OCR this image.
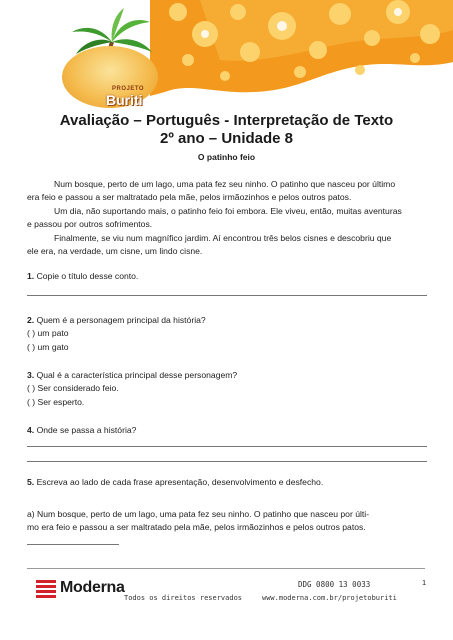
PROJETO
Buriti
Avaliação – Português - Interpretação de Texto
2º ano – Unidade 8
O patinho feio
Num bosque, perto de um lago, uma pata fez seu ninho. O patinho que nasceu por último
era feio e passou a ser maltratado pela mãe, pelos irmãozinhos e pelos outros patos.
Um dia, não suportando mais, o patinho feio foi embora. Ele viveu, então, muitas aventuras
e passou por outros sofrimentos.
Finalmente, se viu num magnífico jardim. Aí encontrou três belos cisnes e descobriu que
ele era, na verdade, um cisne, um lindo cisne.
1. Copie o título desse conto.
2. Quem é a personagem principal da história?
( ) um pato
( ) um gato
3. Qual é a característica principal desse personagem?
( ) Ser considerado feio.
( ) Ser esperto.
4. Onde se passa a história?
5. Escreva ao lado de cada frase apresentação, desenvolvimento e desfecho.
a) Num bosque, perto de um lago, uma pata fez seu ninho. O patinho que nasceu por últi-
mo era feio e passou a ser maltratado pela mãe, pelos irmãozinhos e pelos outros patos.
Moderna
Todos os direitos reservados
DDG 0800 13 0033
www.moderna.com.br/projetoburiti
1
